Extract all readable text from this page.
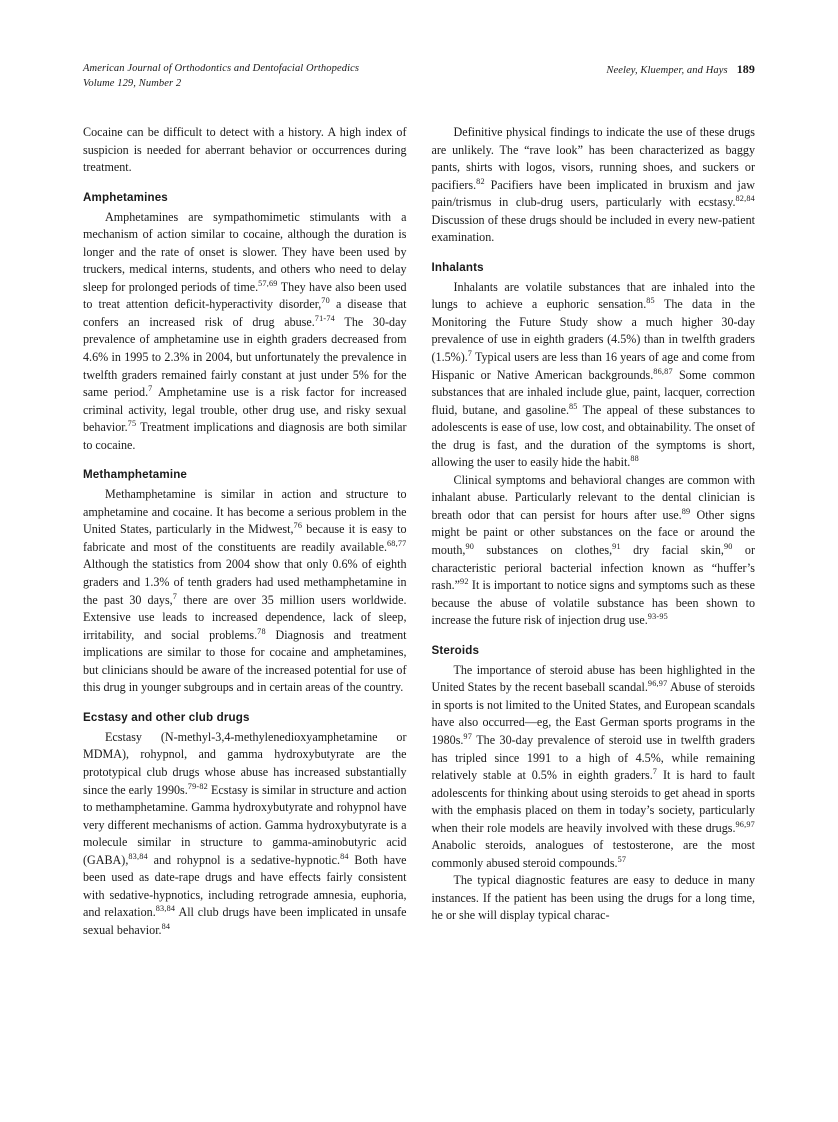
American Journal of Orthodontics and Dentofacial Orthopedics
Volume 129, Number 2
Neeley, Kluemper, and Hays 189

Cocaine can be difficult to detect with a history. A high index of suspicion is needed for aberrant behavior or occurrences during treatment.

Amphetamines

Amphetamines are sympathomimetic stimulants with a mechanism of action similar to cocaine, although the duration is longer and the rate of onset is slower. They have been used by truckers, medical interns, students, and others who need to delay sleep for prolonged periods of time.$^{57,69}$ They have also been used to treat attention deficit-hyperactivity disorder,$^{70}$ a disease that confers an increased risk of drug abuse.$^{71-74}$ The 30-day prevalence of amphetamine use in eighth graders decreased from 4.6% in 1995 to 2.3% in 2004, but unfortunately the prevalence in twelfth graders remained fairly constant at just under 5% for the same period.$^7$ Amphetamine use is a risk factor for increased criminal activity, legal trouble, other drug use, and risky sexual behavior.$^{75}$ Treatment implications and diagnosis are both similar to cocaine.

Methamphetamine

Methamphetamine is similar in action and structure to amphetamine and cocaine. It has become a serious problem in the United States, particularly in the Midwest,$^{76}$ because it is easy to fabricate and most of the constituents are readily available.$^{68,77}$ Although the statistics from 2004 show that only 0.6% of eighth graders and 1.3% of tenth graders had used methamphetamine in the past 30 days,$^7$ there are over 35 million users worldwide. Extensive use leads to increased dependence, lack of sleep, irritability, and social problems.$^{78}$ Diagnosis and treatment implications are similar to those for cocaine and amphetamines, but clinicians should be aware of the increased potential for use of this drug in younger subgroups and in certain areas of the country.

Ecstasy and other club drugs

Ecstasy (N-methyl-3,4-methylenedioxyamphetamine or MDMA), rohypnol, and gamma hydroxybutyrate are the prototypical club drugs whose abuse has increased substantially since the early 1990s.$^{79-82}$ Ecstasy is similar in structure and action to methamphetamine. Gamma hydroxybutyrate and rohypnol have very different mechanisms of action. Gamma hydroxybutyrate is a molecule similar in structure to gamma-aminobutyric acid (GABA),$^{83,84}$ and rohypnol is a sedative-hypnotic.$^{84}$ Both have been used as date-rape drugs and have effects fairly consistent with sedative-hypnotics, including retrograde amnesia, euphoria, and relaxation.$^{83,84}$ All club drugs have been implicated in unsafe sexual behavior.$^{84}$

Definitive physical findings to indicate the use of these drugs are unlikely. The “rave look” has been characterized as baggy pants, shirts with logos, visors, running shoes, and suckers or pacifiers.$^{82}$ Pacifiers have been implicated in bruxism and jaw pain/trismus in club-drug users, particularly with ecstasy.$^{82,84}$ Discussion of these drugs should be included in every new-patient examination.

Inhalants

Inhalants are volatile substances that are inhaled into the lungs to achieve a euphoric sensation.$^{85}$ The data in the Monitoring the Future Study show a much higher 30-day prevalence of use in eighth graders (4.5%) than in twelfth graders (1.5%).$^7$ Typical users are less than 16 years of age and come from Hispanic or Native American backgrounds.$^{86,87}$ Some common substances that are inhaled include glue, paint, lacquer, correction fluid, butane, and gasoline.$^{85}$ The appeal of these substances to adolescents is ease of use, low cost, and obtainability. The onset of the drug is fast, and the duration of the symptoms is short, allowing the user to easily hide the habit.$^{88}$

Clinical symptoms and behavioral changes are common with inhalant abuse. Particularly relevant to the dental clinician is breath odor that can persist for hours after use.$^{89}$ Other signs might be paint or other substances on the face or around the mouth,$^{90}$ substances on clothes,$^{91}$ dry facial skin,$^{90}$ or characteristic perioral bacterial infection known as “huffer’s rash.”$^{92}$ It is important to notice signs and symptoms such as these because the abuse of volatile substance has been shown to increase the future risk of injection drug use.$^{93-95}$

Steroids

The importance of steroid abuse has been highlighted in the United States by the recent baseball scandal.$^{96,97}$ Abuse of steroids in sports is not limited to the United States, and European scandals have also occurred—eg, the East German sports programs in the 1980s.$^{97}$ The 30-day prevalence of steroid use in twelfth graders has tripled since 1991 to a high of 4.5%, while remaining relatively stable at 0.5% in eighth graders.$^7$ It is hard to fault adolescents for thinking about using steroids to get ahead in sports with the emphasis placed on them in today’s society, particularly when their role models are heavily involved with these drugs.$^{96,97}$ Anabolic steroids, analogues of testosterone, are the most commonly abused steroid compounds.$^{57}$

The typical diagnostic features are easy to deduce in many instances. If the patient has been using the drugs for a long time, he or she will display typical charac-
